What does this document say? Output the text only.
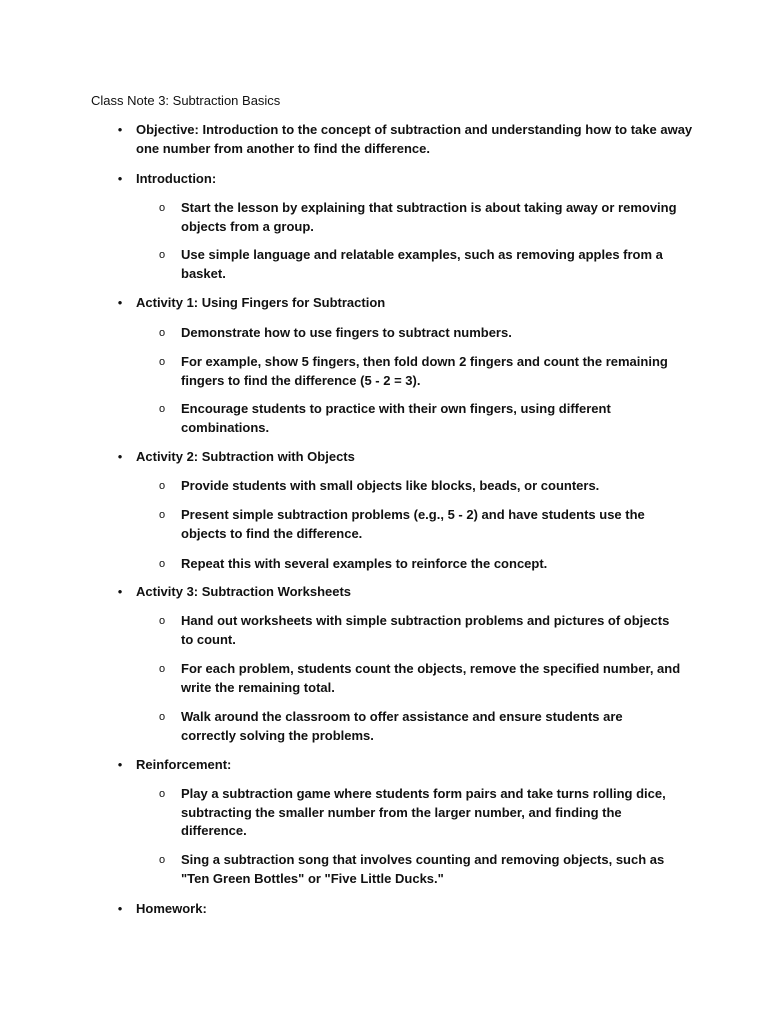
Class Note 3: Subtraction Basics
• Objective: Introduction to the concept of subtraction and understanding how to take away one number from another to find the difference.
• Introduction:
o Start the lesson by explaining that subtraction is about taking away or removing objects from a group.
o Use simple language and relatable examples, such as removing apples from a basket.
• Activity 1: Using Fingers for Subtraction
o Demonstrate how to use fingers to subtract numbers.
o For example, show 5 fingers, then fold down 2 fingers and count the remaining fingers to find the difference (5 - 2 = 3).
o Encourage students to practice with their own fingers, using different combinations.
• Activity 2: Subtraction with Objects
o Provide students with small objects like blocks, beads, or counters.
o Present simple subtraction problems (e.g., 5 - 2) and have students use the objects to find the difference.
o Repeat this with several examples to reinforce the concept.
• Activity 3: Subtraction Worksheets
o Hand out worksheets with simple subtraction problems and pictures of objects to count.
o For each problem, students count the objects, remove the specified number, and write the remaining total.
o Walk around the classroom to offer assistance and ensure students are correctly solving the problems.
• Reinforcement:
o Play a subtraction game where students form pairs and take turns rolling dice, subtracting the smaller number from the larger number, and finding the difference.
o Sing a subtraction song that involves counting and removing objects, such as "Ten Green Bottles" or "Five Little Ducks."
• Homework:
